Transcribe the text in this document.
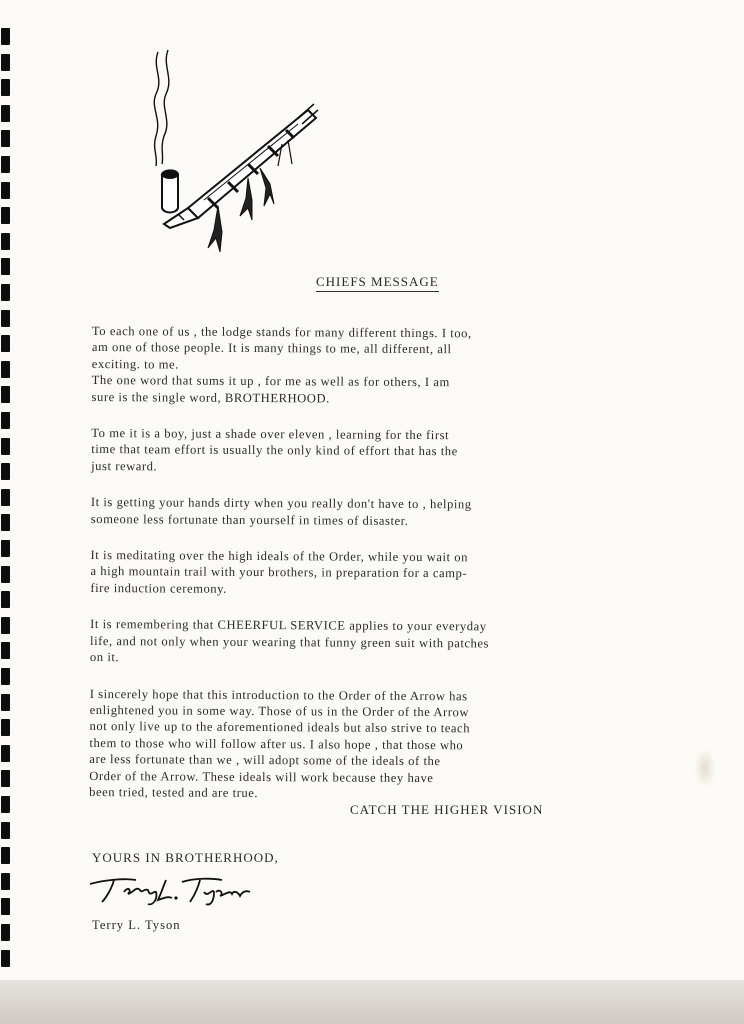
CHIEFS MESSAGE

To each one of us , the lodge stands for many different things. I too,
am one of those people. It is many things to me, all different, all
exciting. to me.
The one word that sums it up , for me as well as for others, I am
sure is the single word, BROTHERHOOD.

To me it is a boy, just a shade over eleven , learning for the first
time that team effort is usually the only kind of effort that has the
just reward.

It is getting your hands dirty when you really don't have to , helping
someone less fortunate than yourself in times of disaster.

It is meditating over the high ideals of the Order, while you wait on
a high mountain trail with your brothers, in preparation for a camp-
fire induction ceremony.

It is remembering that CHEERFUL SERVICE applies to your everyday
life, and not only when your wearing that funny green suit with patches
on it.

I sincerely hope that this introduction to the Order of the Arrow has
enlightened you in some way. Those of us in the Order of the Arrow
not only live up to the aforementioned ideals but also strive to teach
them to those who will follow after us. I also hope , that those who
are less fortunate than we , will adopt some of the ideals of the
Order of the Arrow. These ideals will work because they have
been tried, tested and are true.

CATCH THE HIGHER VISION
YOURS IN BROTHERHOOD,
Terry L. Tyson
